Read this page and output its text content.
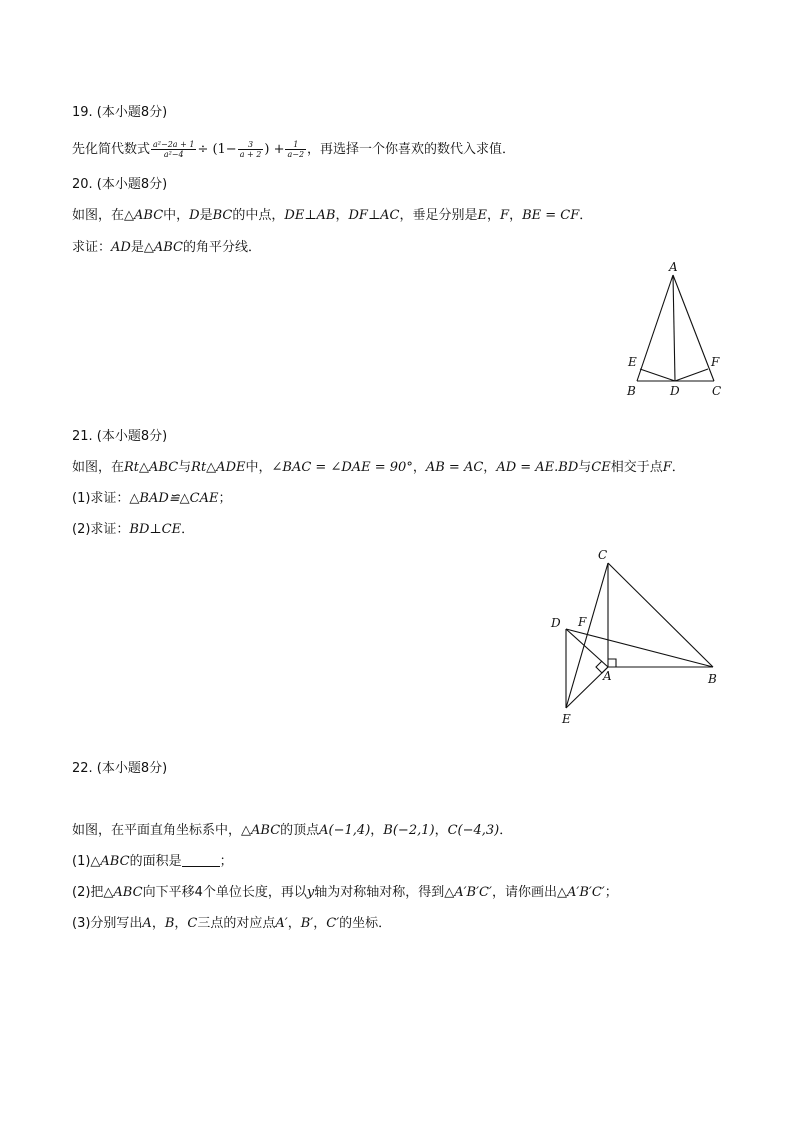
19. (本小题8分)
先化简代数式 $\frac{\text{a²−2a + 1}}{\text{a²−4}} \div (1- \frac{3}{a + 2}$ ) + $\frac{1}{a-2}$ ，再选择一个你喜欢的数代入求值．
20. (本小题8分)
如图，在△ABC中，D是BC的中点，DE⊥AB，DF⊥AC，垂足分别是E，F，BE = CF．
求证：AD是△ABC的角平分线．
A
E	F
B	D	C
21. (本小题8分)
如图，在Rt△ABC与Rt△ADE中，∠BAC = ∠DAE = 90°，AB = AC，AD = AE.BD与CE相交于点F．
(1)求证：△BAD≌△CAE；
(2)求证：BD⊥CE．
C
D F
A	B
E
22. (本小题8分)
如图，在平面直角坐标系中，△ABC的顶点A(−1,4)，B(−2,1)，C(−4,3)．
(1)△ABC的面积是	；
(2)把△ABC向下平移4个单位长度，再以y轴为对称轴对称，得到△A′B′C′，请你画出△A′B′C′；
(3)分别写出A，B，C三点的对应点A′，B′，C′的坐标．
